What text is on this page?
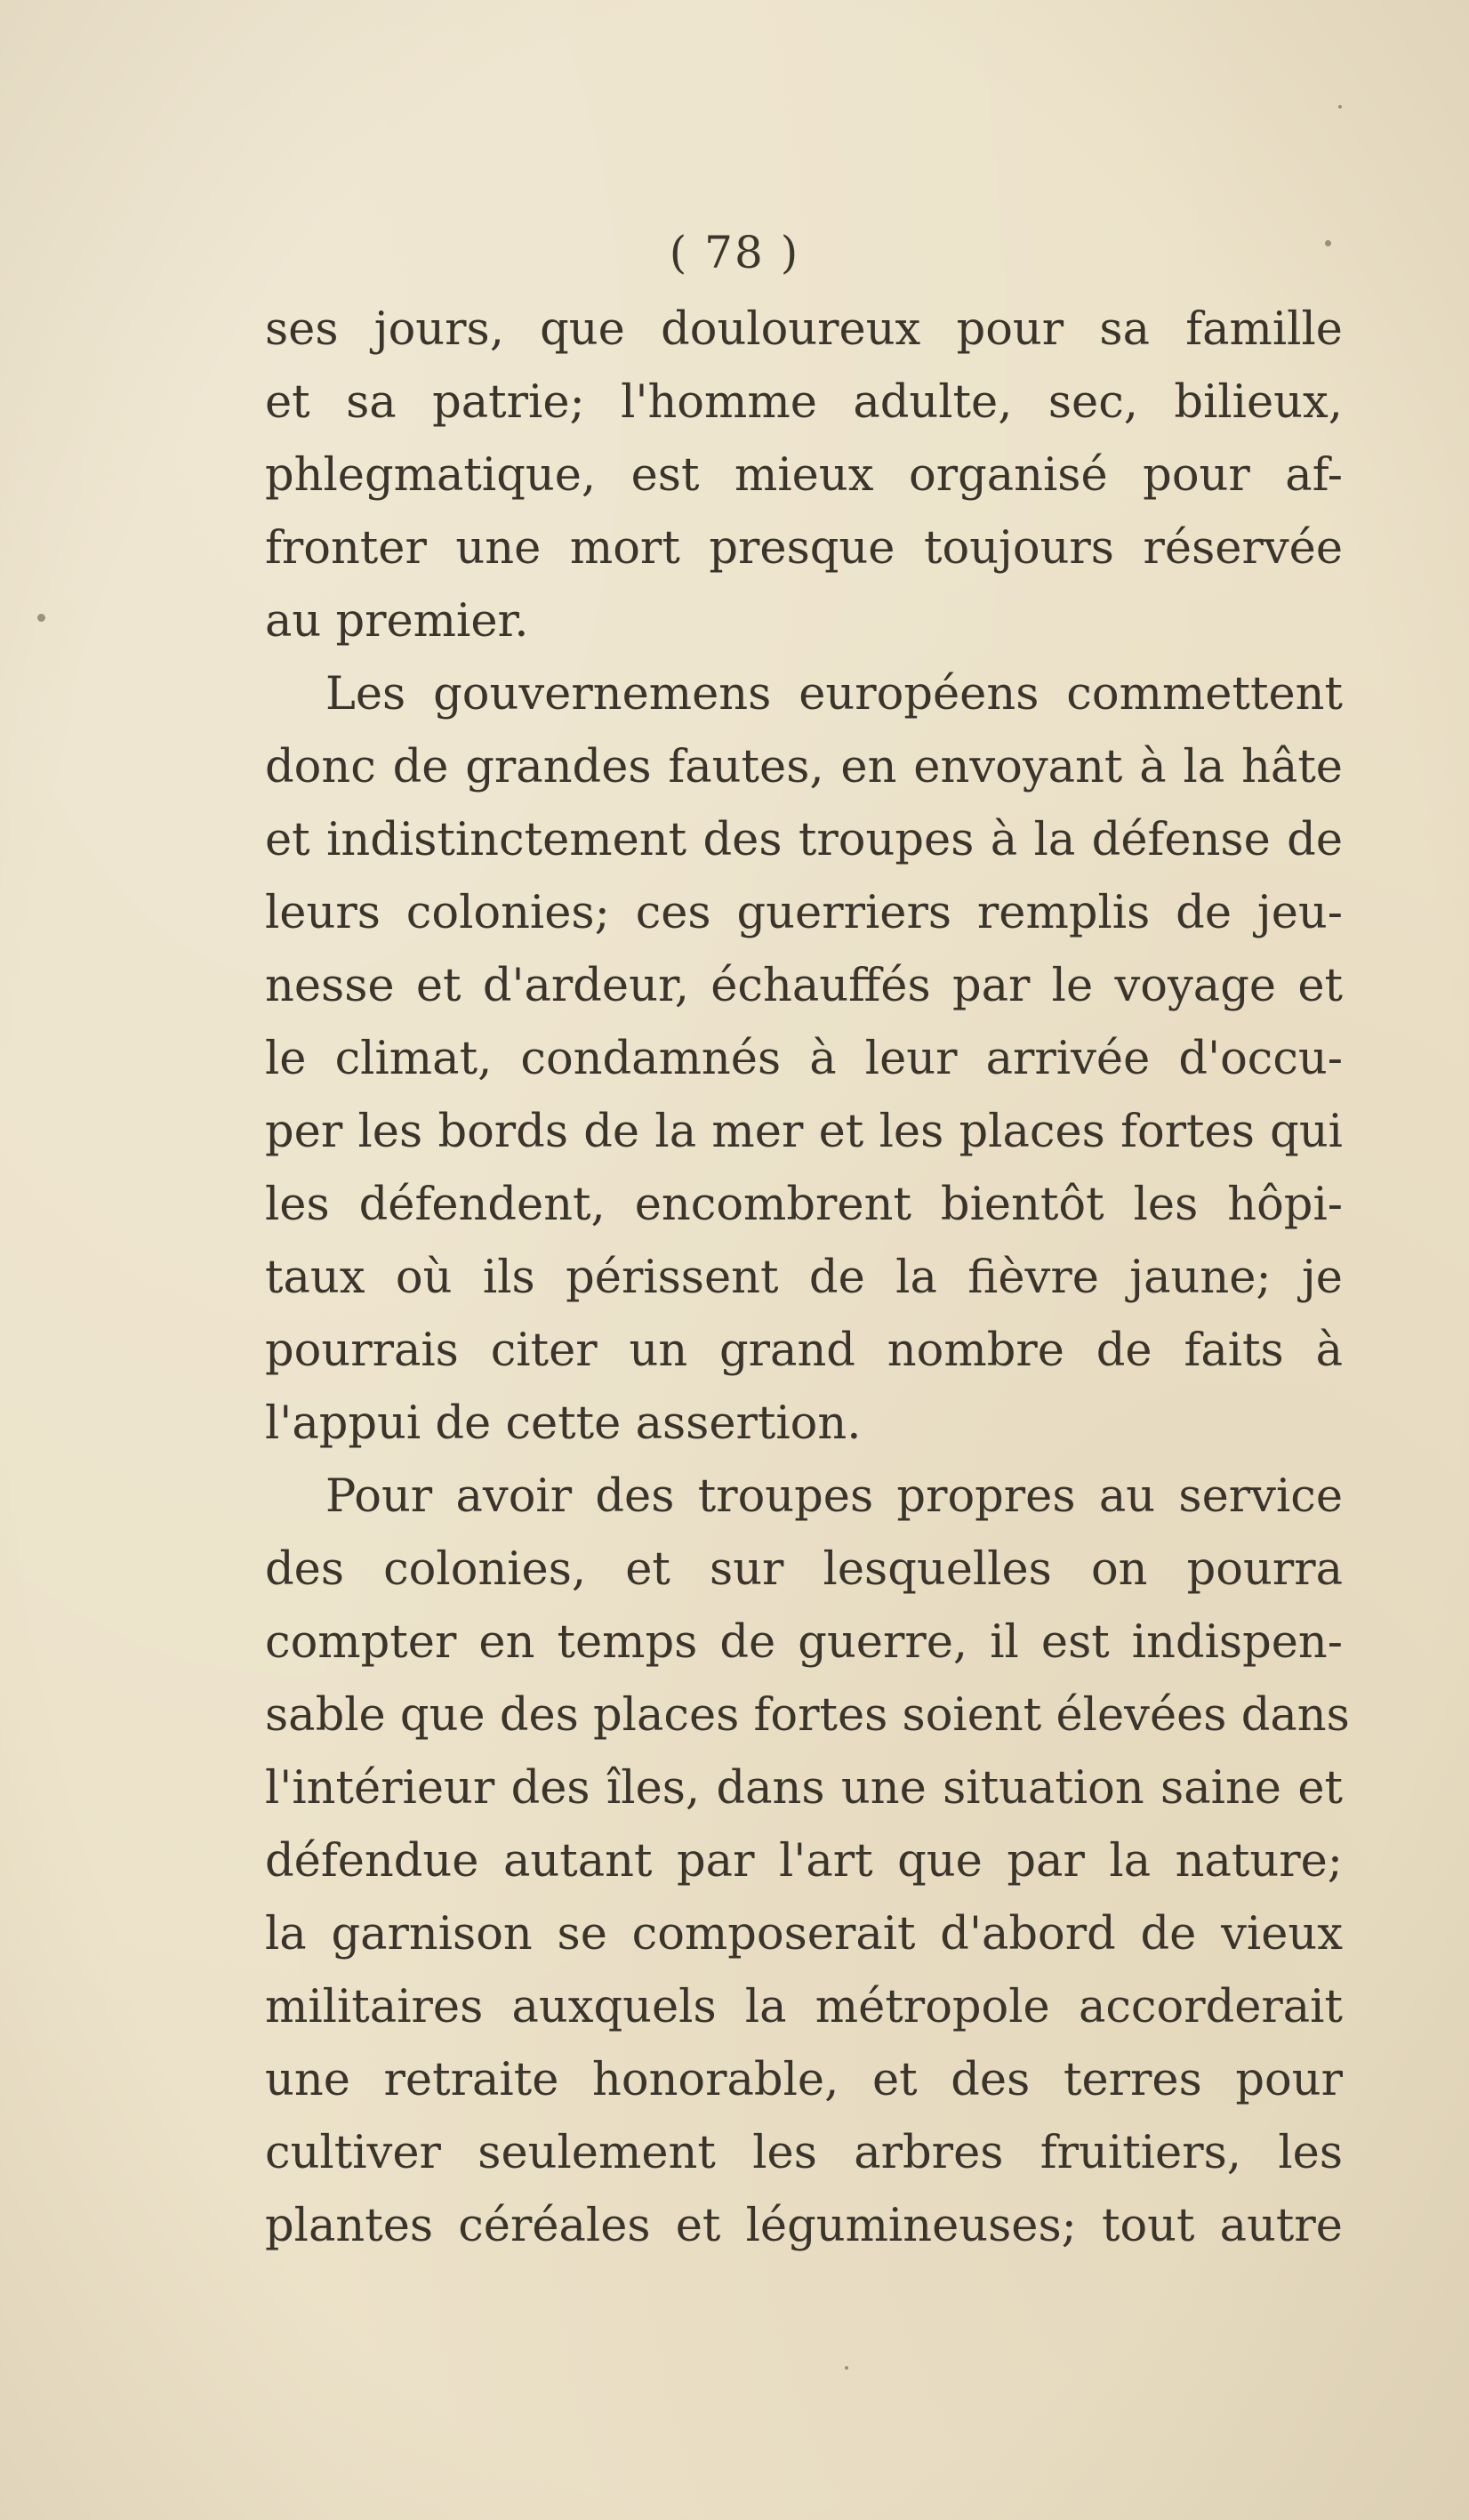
( 78 )
ses jours, que douloureux pour sa famille
et sa patrie; l'homme adulte, sec, bilieux,
phlegmatique, est mieux organisé pour af-
fronter une mort presque toujours réservée
au premier.
Les gouvernemens européens commettent
donc de grandes fautes, en envoyant à la hâte
et indistinctement des troupes à la défense de
leurs colonies; ces guerriers remplis de jeu-
nesse et d'ardeur, échauffés par le voyage et
le climat, condamnés à leur arrivée d'occu-
per les bords de la mer et les places fortes qui
les défendent, encombrent bientôt les hôpi-
taux où ils périssent de la fièvre jaune; je
pourrais citer un grand nombre de faits à
l'appui de cette assertion.
Pour avoir des troupes propres au service
des colonies, et sur lesquelles on pourra
compter en temps de guerre, il est indispen-
sable que des places fortes soient élevées dans
l'intérieur des îles, dans une situation saine et
défendue autant par l'art que par la nature;
la garnison se composerait d'abord de vieux
militaires auxquels la métropole accorderait
une retraite honorable, et des terres pour
cultiver seulement les arbres fruitiers, les
plantes céréales et légumineuses; tout autre
